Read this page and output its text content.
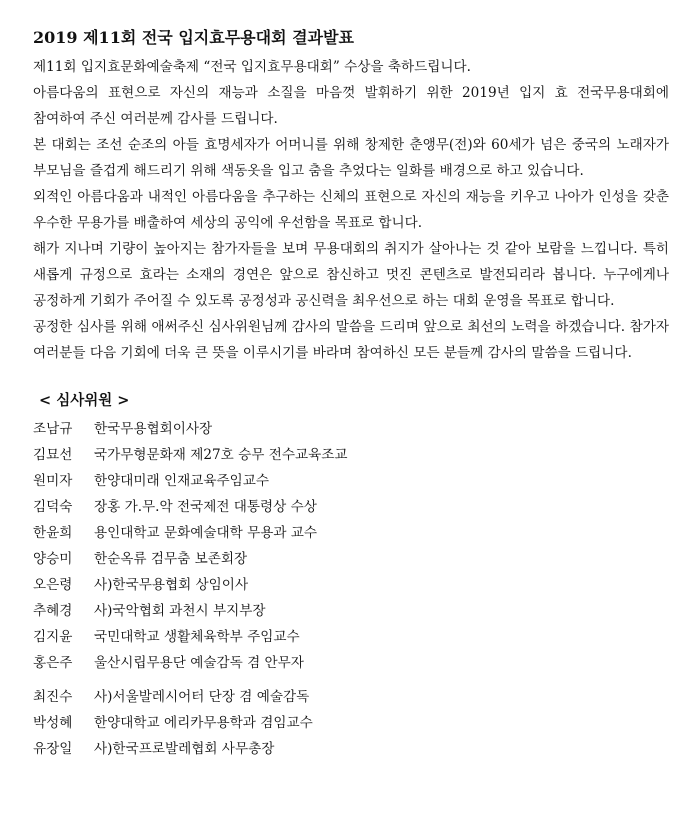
2019 제11회 전국 입지효무용대회 결과발표

제11회 입지효문화예술축제 “전국 입지효무용대회” 수상을 축하드립니다.

아름다움의 표현으로 자신의 재능과 소질을 마음껏 발휘하기 위한 2019년 입지 효 전국무용대회에 참여하여 주신 여러분께 감사를 드립니다.

본 대회는 조선 순조의 아들 효명세자가 어머니를 위해 창제한 춘앵무(전)와 60세가 넘은 중국의 노래자가 부모님을 즐겁게 해드리기 위해 색동옷을 입고 춤을 추었다는 일화를 배경으로 하고 있습니다.

외적인 아름다움과 내적인 아름다움을 추구하는 신체의 표현으로 자신의 재능을 키우고 나아가 인성을 갖춘 우수한 무용가를 배출하여 세상의 공익에 우선함을 목표로 합니다.

해가 지나며 기량이 높아지는 참가자들을 보며 무용대회의 취지가 살아나는 것 같아 보람을 느낍니다. 특히 새롭게 규정으로 효라는 소재의 경연은 앞으로 참신하고 멋진 콘텐츠로 발전되리라 봅니다. 누구에게나 공정하게 기회가 주어질 수 있도록 공정성과 공신력을 최우선으로 하는 대회 운영을 목표로 합니다.

공정한 심사를 위해 애써주신 심사위원님께 감사의 말씀을 드리며 앞으로 최선의 노력을 하겠습니다. 참가자 여러분들 다음 기회에 더욱 큰 뜻을 이루시기를 바라며 참여하신 모든 분들께 감사의 말씀을 드립니다.

< 심사위원 >
조남규	한국무용협회이사장
김묘선	국가무형문화재 제27호 승무 전수교육조교
원미자	한양대미래 인재교육주임교수
김덕숙	장홍 가.무.악 전국제전 대통령상 수상
한윤희	용인대학교 문화예술대학 무용과 교수
양승미	한순옥류 검무춤 보존회장
오은령	사)한국무용협회 상임이사
추혜경	사)국악협회 과천시 부지부장
김지윤	국민대학교 생활체육학부 주임교수
홍은주	울산시립무용단 예술감독 겸 안무자
최진수	사)서울발레시어터 단장 겸 예술감독
박성혜	한양대학교 에리카무용학과 겸임교수
유장일	사)한국프로발레협회 사무총장
